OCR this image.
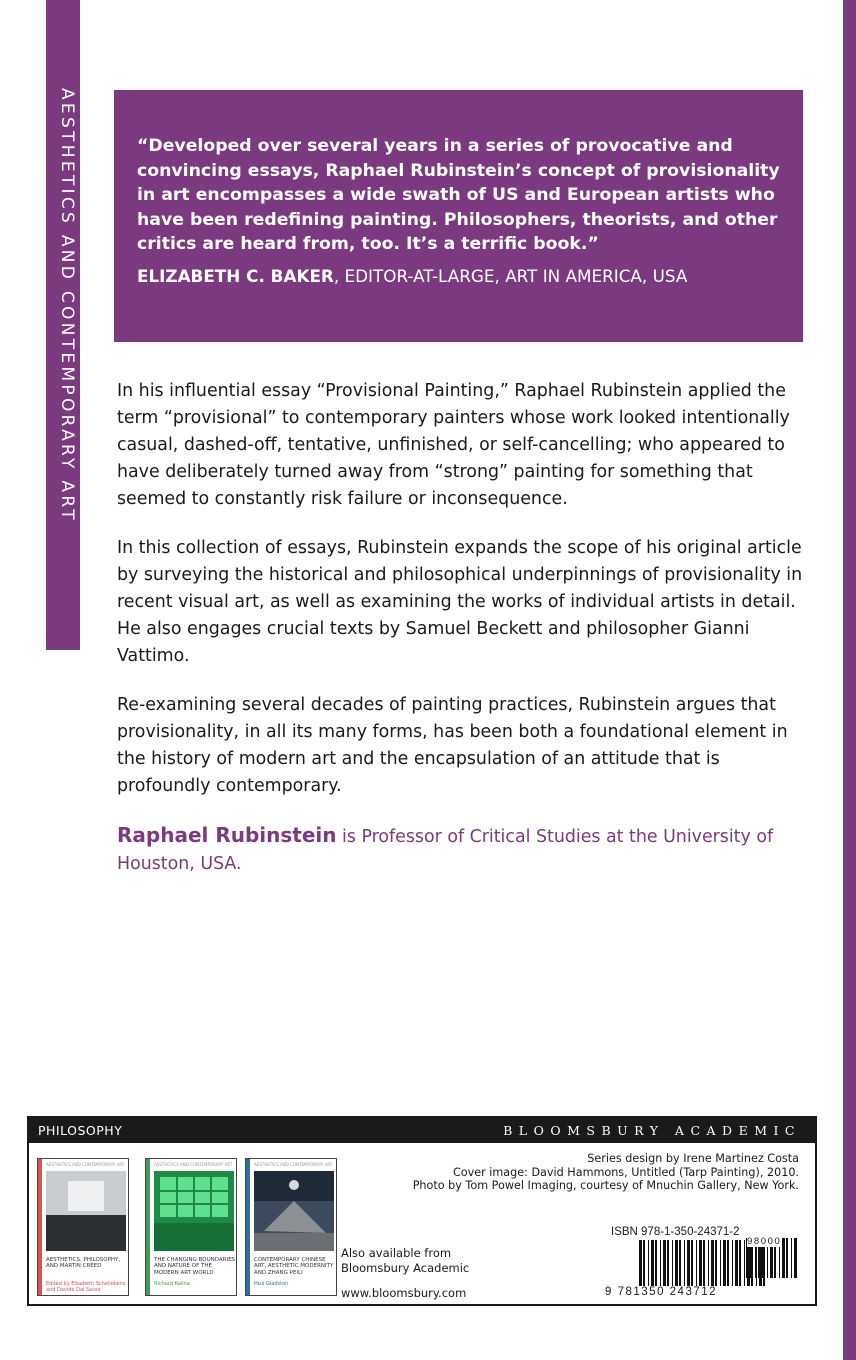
AESTHETICS AND CONTEMPORARY ART	“Developed over several years in a series of provocative and convincing essays, Raphael Rubinstein’s concept of provisionality in art encompasses a wide swath of US and European artists who have been redefining painting. Philosophers, theorists, and other critics are heard from, too. It’s a terrific book.”

ELIZABETH C. BAKER, EDITOR-AT-LARGE, ART IN AMERICA, USA

In his influential essay “Provisional Painting,” Raphael Rubinstein applied the term “provisional” to contemporary painters whose work looked intentionally casual, dashed-off, tentative, unfinished, or self-cancelling; who appeared to have deliberately turned away from “strong” painting for something that seemed to constantly risk failure or inconsequence.

In this collection of essays, Rubinstein expands the scope of his original article by surveying the historical and philosophical underpinnings of provisionality in recent visual art, as well as examining the works of individual artists in detail. He also engages crucial texts by Samuel Beckett and philosopher Gianni Vattimo.

Re-examining several decades of painting practices, Rubinstein argues that provisionality, in all its many forms, has been both a foundational element in the history of modern art and the encapsulation of an attitude that is profoundly contemporary.

Raphael Rubinstein is Professor of Critical Studies at the University of Houston, USA.

PHILOSOPHY	BLOOMSBURY ACADEMIC
AESTHETICS AND CONTEMPORARY ART
AESTHETICS, PHILOSOPHY, AND MARTIN CREED
Edited by Elisabeth Schellekens and Davide Dal Sasso
AESTHETICS AND CONTEMPORARY ART
THE CHANGING BOUNDARIES AND NATURE OF THE MODERN ART WORLD
Richard Kalina
AESTHETICS AND CONTEMPORARY ART
CONTEMPORARY CHINESE ART, AESTHETIC MODERNITY AND ZHANG PEILI
Paul Gladston
Also available from
Bloomsbury Academic
www.bloomsbury.com
Series design by Irene Martinez Costa
Cover image: David Hammons, Untitled (Tarp Painting), 2010.
Photo by Tom Powel Imaging, courtesy of Mnuchin Gallery, New York.
ISBN 978-1-350-24371-2
98000
9 781350 243712
